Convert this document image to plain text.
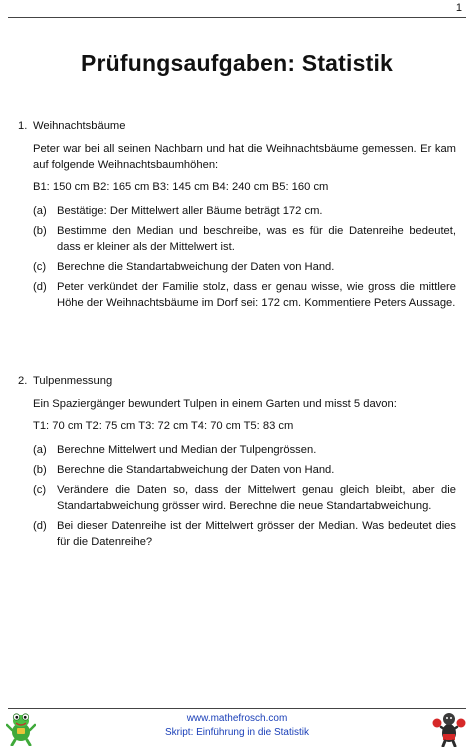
1
Prüfungsaufgaben: Statistik
1. Weihnachtsbäume
Peter war bei all seinen Nachbarn und hat die Weihnachtsbäume gemessen. Er kam auf folgende Weihnachtsbaumhöhen:
B1: 150 cm B2: 165 cm B3: 145 cm B4: 240 cm B5: 160 cm
(a) Bestätige: Der Mittelwert aller Bäume beträgt 172 cm.
(b) Bestimme den Median und beschreibe, was es für die Datenreihe bedeutet, dass er kleiner als der Mittelwert ist.
(c) Berechne die Standartabweichung der Daten von Hand.
(d) Peter verkündet der Familie stolz, dass er genau wisse, wie gross die mittlere Höhe der Weihnachtsbäume im Dorf sei: 172 cm. Kommentiere Peters Aussage.
2. Tulpenmessung
Ein Spaziergänger bewundert Tulpen in einem Garten und misst 5 davon:
T1: 70 cm T2: 75 cm T3: 72 cm T4: 70 cm T5: 83 cm
(a) Berechne Mittelwert und Median der Tulpengrössen.
(b) Berechne die Standartabweichung der Daten von Hand.
(c) Verändere die Daten so, dass der Mittelwert genau gleich bleibt, aber die Standartabweichung grösser wird. Berechne die neue Standartabweichung.
(d) Bei dieser Datenreihe ist der Mittelwert grösser der Median. Was bedeutet dies für die Datenreihe?
www.mathefrosch.com
Skript: Einführung in die Statistik
